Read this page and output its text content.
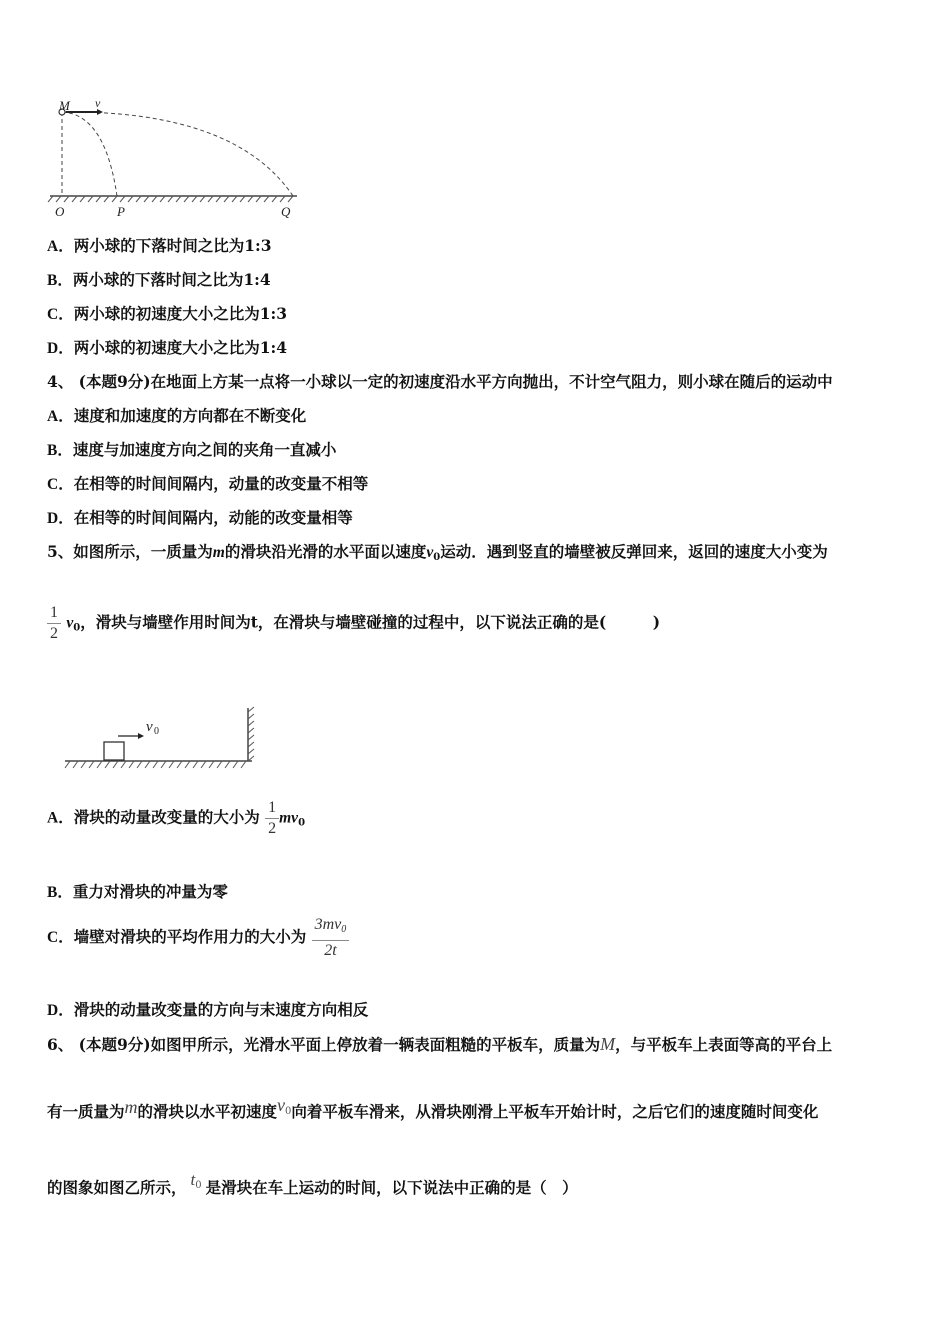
M v
O	P	Q
A．两小球的下落时间之比为1:3
B．两小球的下落时间之比为1:4
C．两小球的初速度大小之比为1:3
D．两小球的初速度大小之比为1:4
4、 (本题9分)在地面上方某一点将一小球以一定的初速度沿水平方向抛出，不计空气阻力，则小球在随后的运动中
A．速度和加速度的方向都在不断变化
B．速度与加速度方向之间的夹角一直减小
C．在相等的时间间隔内，动量的改变量不相等
D．在相等的时间间隔内，动能的改变量相等
5、如图所示，一质量为m的滑块沿光滑的水平面以速度$v_0$运动．遇到竖直的墙壁被反弹回来，返回的速度大小变为
$\frac{1}{2} v_0$，滑块与墙壁作用时间为t，在滑块与墙壁碰撞的过程中，以下说法正确的是(　　　)
v 0
A．滑块的动量改变量的大小为 $\frac{1}{2} mv_0$
B．重力对滑块的冲量为零
C．墙壁对滑块的平均作用力的大小为 $\frac{3mv_0}{2t}$
D．滑块的动量改变量的方向与末速度方向相反
6、 (本题9分)如图甲所示，光滑水平面上停放着一辆表面粗糙的平板车，质量为M，与平板车上表面等高的平台上
有一质量为m的滑块以水平初速度$v_0$向着平板车滑来，从滑块刚滑上平板车开始计时，之后它们的速度随时间变化
的图象如图乙所示， $t_0$ 是滑块在车上运动的时间，以下说法中正确的是（　）
